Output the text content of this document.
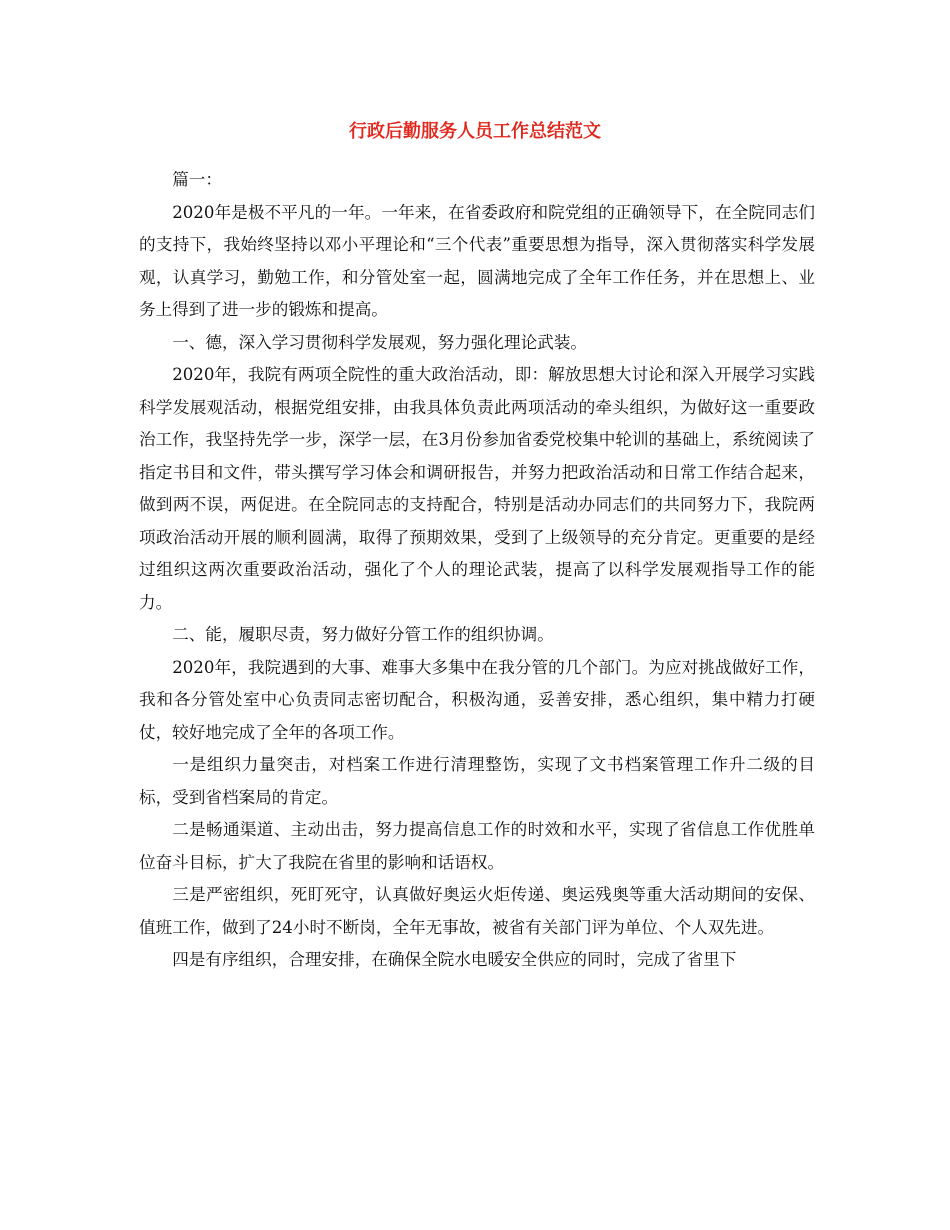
行政后勤服务人员工作总结范文

篇一：

2020年是极不平凡的一年。一年来，在省委政府和院党组的正确领导下，在全院同志们的支持下，我始终坚持以邓小平理论和“三个代表”重要思想为指导，深入贯彻落实科学发展观，认真学习，勤勉工作，和分管处室一起，圆满地完成了全年工作任务，并在思想上、业务上得到了进一步的锻炼和提高。

一、德，深入学习贯彻科学发展观，努力强化理论武装。

2020年，我院有两项全院性的重大政治活动，即：解放思想大讨论和深入开展学习实践科学发展观活动，根据党组安排，由我具体负责此两项活动的牵头组织，为做好这一重要政治工作，我坚持先学一步，深学一层，在3月份参加省委党校集中轮训的基础上，系统阅读了指定书目和文件，带头撰写学习体会和调研报告，并努力把政治活动和日常工作结合起来，做到两不误，两促进。在全院同志的支持配合，特别是活动办同志们的共同努力下，我院两项政治活动开展的顺利圆满，取得了预期效果，受到了上级领导的充分肯定。更重要的是经过组织这两次重要政治活动，强化了个人的理论武装，提高了以科学发展观指导工作的能力。

二、能，履职尽责，努力做好分管工作的组织协调。

2020年，我院遇到的大事、难事大多集中在我分管的几个部门。为应对挑战做好工作，我和各分管处室中心负责同志密切配合，积极沟通，妥善安排，悉心组织，集中精力打硬仗，较好地完成了全年的各项工作。

一是组织力量突击，对档案工作进行清理整饬，实现了文书档案管理工作升二级的目标，受到省档案局的肯定。

二是畅通渠道、主动出击，努力提高信息工作的时效和水平，实现了省信息工作优胜单位奋斗目标，扩大了我院在省里的影响和话语权。

三是严密组织，死盯死守，认真做好奥运火炬传递、奥运残奥等重大活动期间的安保、值班工作，做到了24小时不断岗，全年无事故，被省有关部门评为单位、个人双先进。

四是有序组织，合理安排，在确保全院水电暖安全供应的同时，完成了省里下
